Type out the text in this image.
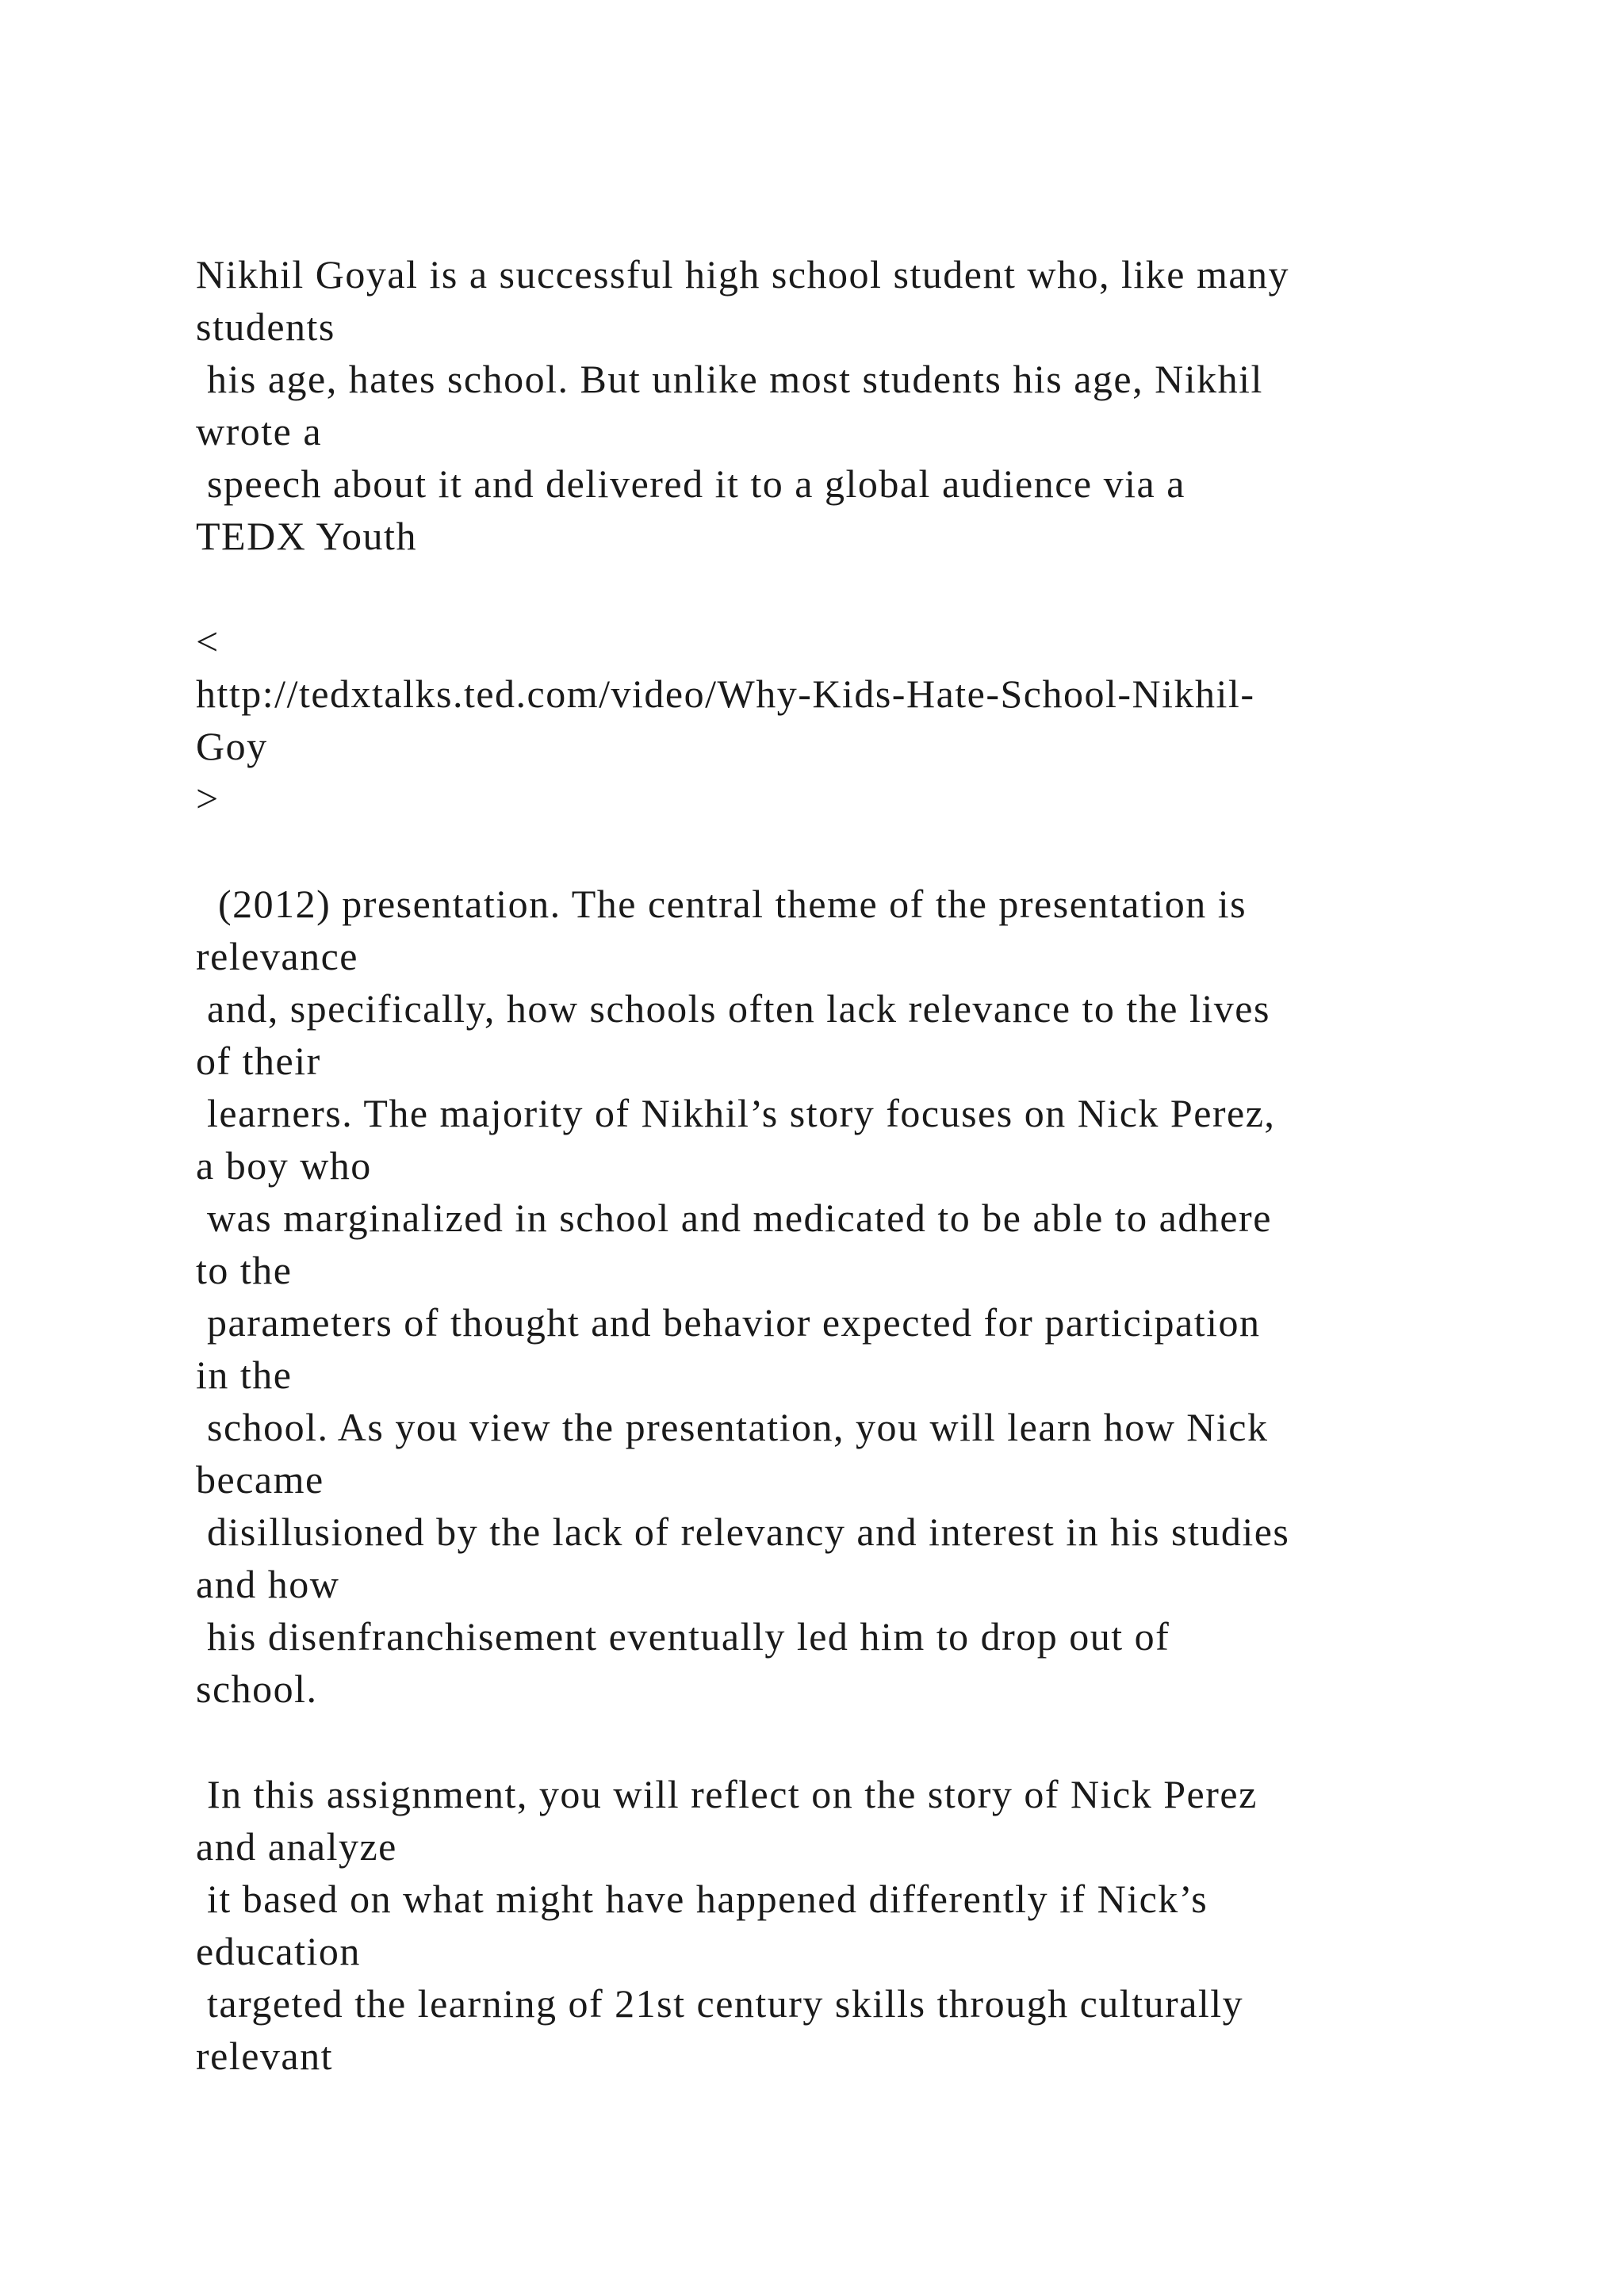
Nikhil Goyal is a successful high school student who, like many

students

his age, hates school. But unlike most students his age, Nikhil

wrote a

speech about it and delivered it to a global audience via a

TEDX Youth

<

http://tedxtalks.ted.com/video/Why-Kids-Hate-School-Nikhil-

Goy

>

(2012) presentation. The central theme of the presentation is

relevance

and, specifically, how schools often lack relevance to the lives

of their

learners. The majority of Nikhil’s story focuses on Nick Perez,

a boy who

was marginalized in school and medicated to be able to adhere

to the

parameters of thought and behavior expected for participation

in the

school. As you view the presentation, you will learn how Nick

became

disillusioned by the lack of relevancy and interest in his studies

and how

his disenfranchisement eventually led him to drop out of

school.

In this assignment, you will reflect on the story of Nick Perez

and analyze

it based on what might have happened differently if Nick’s

education

targeted the learning of 21st century skills through culturally

relevant
